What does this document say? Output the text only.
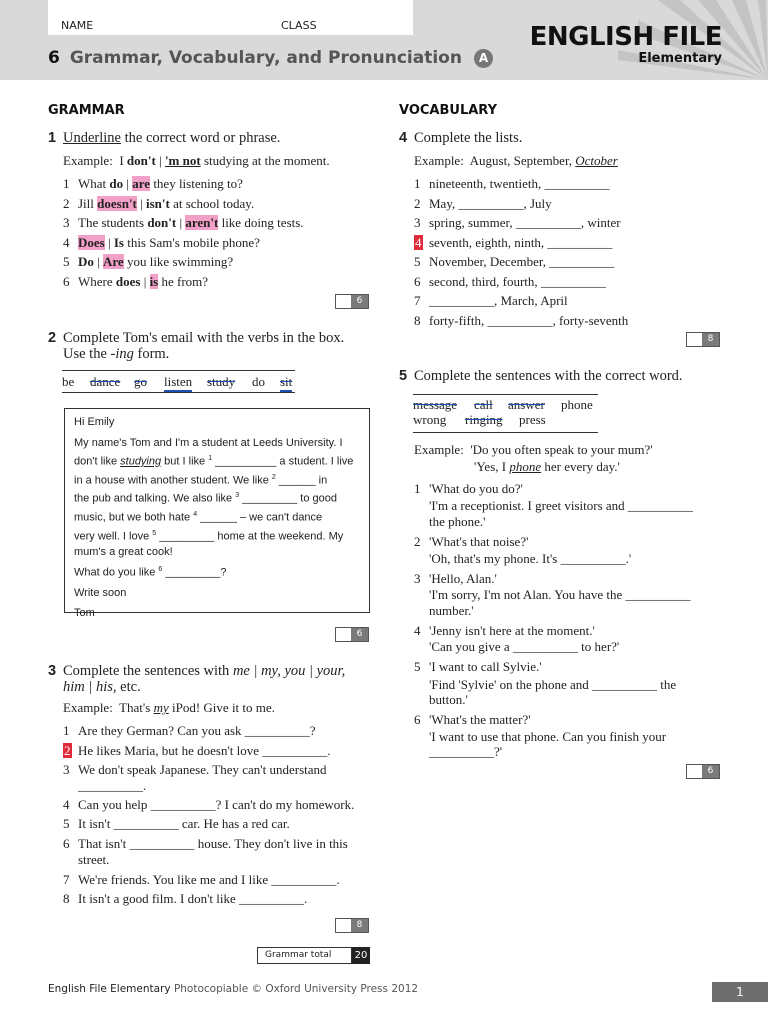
NAME	CLASS
6 Grammar, Vocabulary, and Pronunciation A
ENGLISH FILE
Elementary
GRAMMAR
1 Underline the correct word or phrase.
Example: I don't | 'm not studying at the moment.
1 What do | are they listening to?
2 Jill doesn't | isn't at school today.
3 The students don't | aren't like doing tests.
4 Does | Is this Sam's mobile phone?
5 Do | Are you like swimming?
6 Where does | is he from?
6
2 Complete Tom's email with the verbs in the box.
Use the -ing form.
be dance go listen study do sit

Hi Emily

My name's Tom and I'm a student at Leeds University. I

don't like studying but I like $^1$ __________ a student. I live

in a house with another student. We like $^2$ ______ in

the pub and talking. We also like $^3$ _________ to good

music, but we both hate $^4$ ______ – we can't dance

very well. I love $^5$ _________ home at the weekend. My

mum's a great cook!

What do you like $^6$ _________?

Write soon

Tom

6
3 Complete the sentences with me | my, you | your,
him | his, etc.
Example: That's my iPod! Give it to me.
1 Are they German? Can you ask __________?
2 He likes Maria, but he doesn't love __________.
3 We don't speak Japanese. They can't understand
__________.
4 Can you help __________? I can't do my homework.
5 It isn't __________ car. He has a red car.
6 That isn't __________ house. They don't live in this
street.
7 We're friends. You like me and I like __________.
8 It isn't a good film. I don't like __________.
8
Grammar total 20
VOCABULARY
4 Complete the lists.
Example: August, September, October
1 nineteenth, twentieth, __________
2 May, __________, July
3 spring, summer, __________, winter
4 seventh, eighth, ninth, __________
5 November, December, __________
6 second, third, fourth, __________
7 __________, March, April
8 forty-fifth, __________, forty-seventh
8
5 Complete the sentences with the correct word.
message call answer phone
wrong ringing press
Example: 'Do you often speak to your mum?'
'Yes, I phone her every day.'
1 'What do you do?'
'I'm a receptionist. I greet visitors and __________
the phone.'
2 'What's that noise?'
'Oh, that's my phone. It's __________.'
3 'Hello, Alan.'
'I'm sorry, I'm not Alan. You have the __________
number.'
4 'Jenny isn't here at the moment.'
'Can you give a __________ to her?'
5 'I want to call Sylvie.'
'Find 'Sylvie' on the phone and __________ the
button.'
6 'What's the matter?'
'I want to use that phone. Can you finish your
__________?'
6
English File Elementary Photocopiable © Oxford University Press 2012	1
